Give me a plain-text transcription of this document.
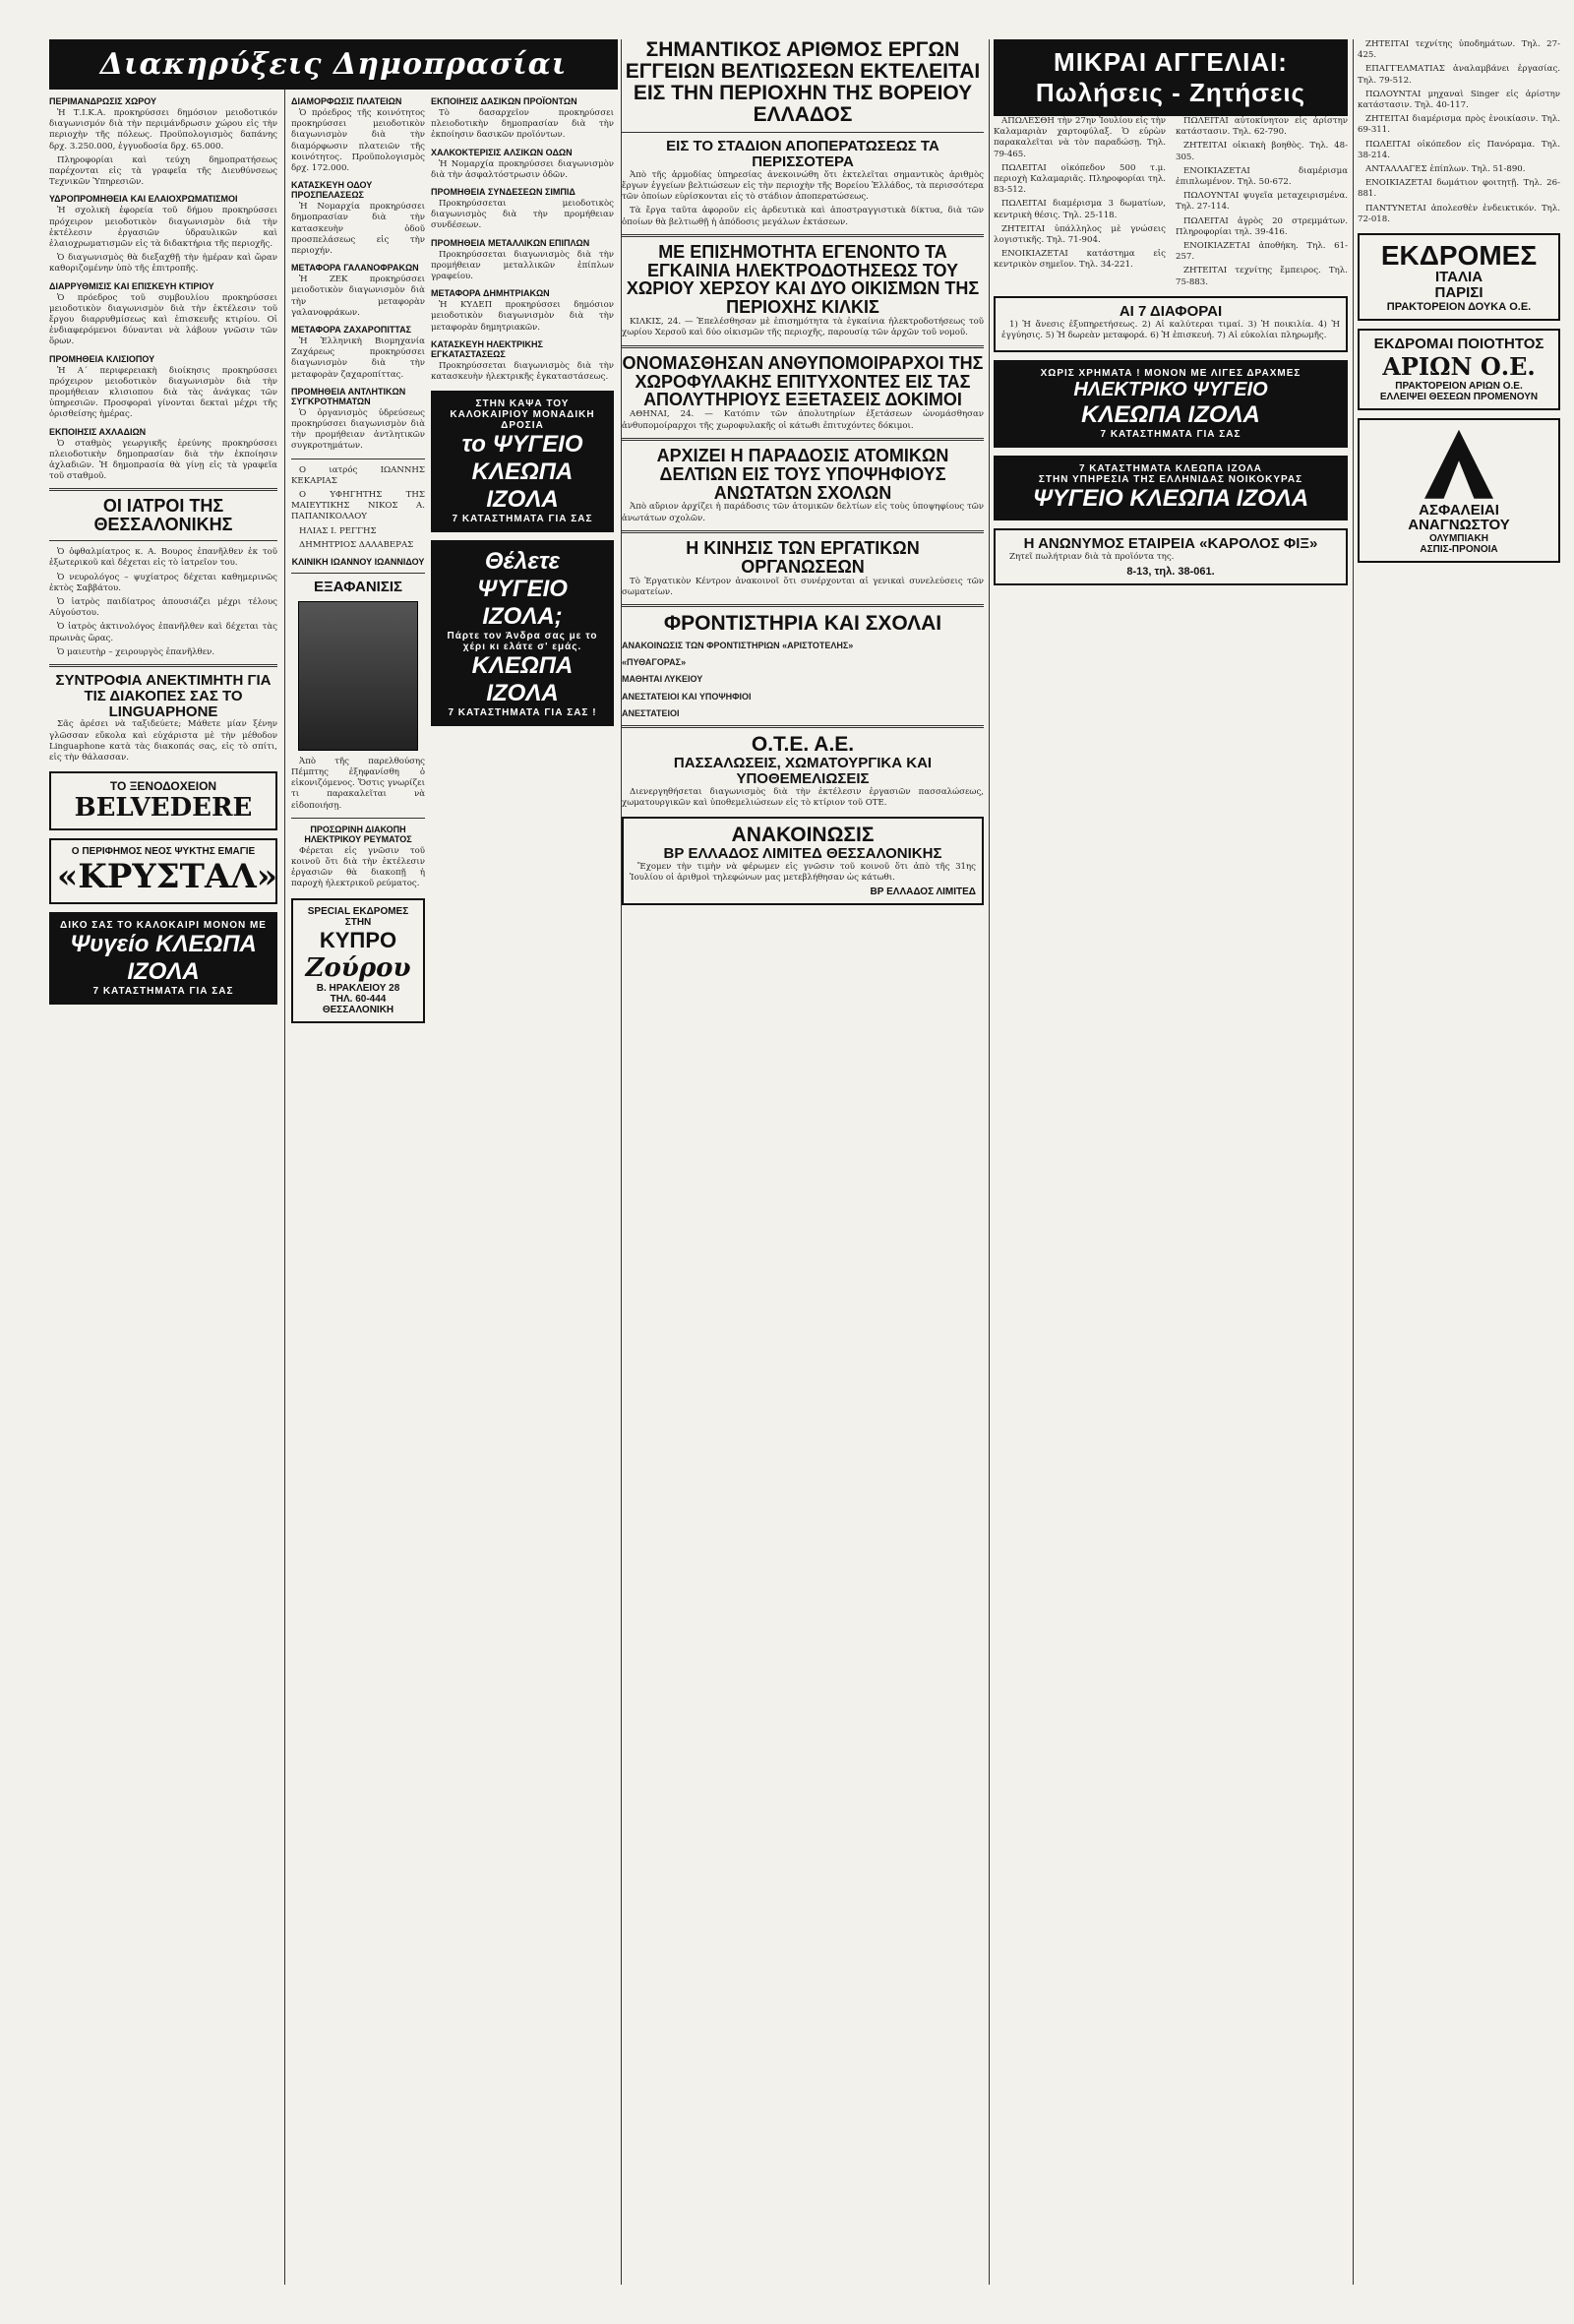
Διακηρύξεις Δημοπρασίαι
ΠΕΡΙΜΑΝΔΡΩΣΙΣ ΧΩΡΟΥ

Ἡ Τ.Ι.Κ.Α. προκηρύσσει δημόσιον μειοδοτικόν διαγωνισμόν διὰ τὴν περιμάνδρωσιν χώρου εἰς τὴν περιοχὴν τῆς πόλεως. Προϋπολογισμὸς δαπάνης δρχ. 3.250.000, ἐγγυοδοσία δρχ. 65.000.

Πληροφορίαι καὶ τεύχη δημοπρατήσεως παρέχονται εἰς τὰ γραφεῖα τῆς Διευθύνσεως Τεχνικῶν Ὑπηρεσιῶν.

ΥΔΡΟΠΡΟΜΗΘΕΙΑ ΚΑΙ ΕΛΑΙΟΧΡΩΜΑΤΙΣΜΟΙ

Ἡ σχολικὴ ἐφορεία τοῦ δήμου προκηρύσσει πρόχειρον μειοδοτικὸν διαγωνισμὸν διὰ τὴν ἐκτέλεσιν ἐργασιῶν ὑδραυλικῶν καὶ ἐλαιοχρωματισμῶν εἰς τὰ διδακτήρια τῆς περιοχῆς.

Ὁ διαγωνισμὸς θὰ διεξαχθῇ τὴν ἡμέραν καὶ ὥραν καθοριζομένην ὑπὸ τῆς ἐπιτροπῆς.

ΔΙΑΡΡΥΘΜΙΣΙΣ ΚΑΙ ΕΠΙΣΚΕΥΗ ΚΤΙΡΙΟΥ

Ὁ πρόεδρος τοῦ συμβουλίου προκηρύσσει μειοδοτικὸν διαγωνισμὸν διὰ τὴν ἐκτέλεσιν τοῦ ἔργου διαρρυθμίσεως καὶ ἐπισκευῆς κτιρίου. Οἱ ἐνδιαφερόμενοι δύνανται νὰ λάβουν γνῶσιν τῶν ὅρων.

ΠΡΟΜΗΘΕΙΑ ΚΛΙΣΙΟΠΟΥ

Ἡ Α΄ περιφερειακὴ διοίκησις προκηρύσσει πρόχειρον μειοδοτικὸν διαγωνισμὸν διὰ τὴν προμήθειαν κλισιοπου διὰ τὰς ἀνάγκας τῶν ὑπηρεσιῶν. Προσφοραὶ γίνονται δεκταὶ μέχρι τῆς ὁρισθείσης ἡμέρας.

ΕΚΠΟΙΗΣΙΣ ΑΧΛΑΔΙΩΝ

Ὁ σταθμὸς γεωργικῆς ἐρεύνης προκηρύσσει πλειοδοτικὴν δημοπρασίαν διὰ τὴν ἐκποίησιν ἀχλαδιῶν. Ἡ δημοπρασία θὰ γίνῃ εἰς τὰ γραφεῖα τοῦ σταθμοῦ.

ΟΙ ΙΑΤΡΟΙ ΤΗΣ ΘΕΣΣΑΛΟΝΙΚΗΣ

Ὁ ὀφθαλμίατρος κ. Α. Βουρος ἐπανῆλθεν ἐκ τοῦ ἐξωτερικοῦ καὶ δέχεται εἰς τὸ ἰατρεῖον του.

Ὁ νευρολόγος – ψυχίατρος δέχεται καθημερινῶς ἐκτὸς Σαββάτου.

Ὁ ἰατρὸς παιδίατρος ἀπουσιάζει μέχρι τέλους Αὐγούστου.

Ὁ ἰατρὸς ἀκτινολόγος ἐπανῆλθεν καὶ δέχεται τὰς πρωινὰς ὥρας.

Ὁ μαιευτὴρ – χειρουργὸς ἐπανῆλθεν.

ΣΥΝΤΡΟΦΙΑ ΑΝΕΚΤΙΜΗΤΗ ΓΙΑ ΤΙΣ ΔΙΑΚΟΠΕΣ ΣΑΣ ΤΟ LINGUAPHONE

Σᾶς ἀρέσει νὰ ταξιδεύετε; Μάθετε μίαν ξένην γλῶσσαν εὔκολα καὶ εὐχάριστα μὲ τὴν μέθοδον Linguaphone κατὰ τὰς διακοπάς σας, εἰς τὸ σπίτι, εἰς τὴν θάλασσαν.

ΤΟ ΞΕΝΟΔΟΧΕΙΟΝ
BELVEDERE
Ο ΠΕΡΙΦΗΜΟΣ ΝΕΟΣ ΨΥΚΤΗΣ ΕΜΑΓΙΕ
«ΚΡΥΣΤΑΛ»
ΔΙΚΟ ΣΑΣ ΤΟ ΚΑΛΟΚΑΙΡΙ ΜΟΝΟΝ ΜΕ
Ψυγείο ΚΛΕΩΠΑ ΙΖΟΛΑ
7 ΚΑΤΑΣΤΗΜΑΤΑ ΓΙΑ ΣΑΣ
ΔΙΑΜΟΡΦΩΣΙΣ ΠΛΑΤΕΙΩΝ

Ὁ πρόεδρος τῆς κοινότητος προκηρύσσει μειοδοτικὸν διαγωνισμὸν διὰ τὴν διαμόρφωσιν πλατειῶν τῆς κοινότητος. Προϋπολογισμὸς δρχ. 172.000.

ΚΑΤΑΣΚΕΥΗ ΟΔΟΥ ΠΡΟΣΠΕΛΑΣΕΩΣ

Ἡ Νομαρχία προκηρύσσει δημοπρασίαν διὰ τὴν κατασκευὴν ὁδοῦ προσπελάσεως εἰς τὴν περιοχήν.

ΜΕΤΑΦΟΡΑ ΓΑΛΑΝΟΦΡΑΚΩΝ

Ἡ ΖΕΚ προκηρύσσει μειοδοτικὸν διαγωνισμὸν διὰ τὴν μεταφορὰν γαλανοφράκων.

ΜΕΤΑΦΟΡΑ ΖΑΧΑΡΟΠΙΤΤΑΣ

Ἡ Ἑλληνικὴ Βιομηχανία Ζαχάρεως προκηρύσσει διαγωνισμὸν διὰ τὴν μεταφορὰν ζαχαροπίττας.

ΠΡΟΜΗΘΕΙΑ ΑΝΤΛΗΤΙΚΩΝ ΣΥΓΚΡΟΤΗΜΑΤΩΝ

Ὁ ὀργανισμὸς ὑδρεύσεως προκηρύσσει διαγωνισμὸν διὰ τὴν προμήθειαν ἀντλητικῶν συγκροτημάτων.

Ο ιατρός ΙΩΑΝΝΗΣ ΚΕΚΑΡΙΑΣ

Ο ΥΦΗΓΗΤΗΣ ΤΗΣ ΜΑΙΕΥΤΙΚΗΣ ΝΙΚΟΣ Α. ΠΑΠΑΝΙΚΟΛΑΟΥ

ΗΛΙΑΣ Ι. ΡΕΓΓΗΣ

ΔΗΜΗΤΡΙΟΣ ΔΑΛΑΒΕΡΑΣ

ΚΛΙΝΙΚΗ ΙΩΑΝΝΟΥ ΙΩΑΝΝΙΔΟΥ
ΕΞΑΦΑΝΙΣΙΣ

Ἀπὸ τῆς παρελθούσης Πέμπτης ἐξηφανίσθη ὁ εἰκονιζόμενος. Ὅστις γνωρίζει τι παρακαλεῖται νὰ εἰδοποιήσῃ.

ΠΡΟΣΩΡΙΝΗ ΔΙΑΚΟΠΗ ΗΛΕΚΤΡΙΚΟΥ ΡΕΥΜΑΤΟΣ

Φέρεται εἰς γνῶσιν τοῦ κοινοῦ ὅτι διὰ τὴν ἐκτέλεσιν ἐργασιῶν θὰ διακοπῇ ἡ παροχὴ ἠλεκτρικοῦ ρεύματος.

SPECIAL ΕΚΔΡΟΜΕΣ ΣΤΗΝ
ΚΥΠΡΟ
Ζούρου
Β. ΗΡΑΚΛΕΙΟΥ 28
ΤΗΛ. 60-444
ΘΕΣΣΑΛΟΝΙΚΗ
ΕΚΠΟΙΗΣΙΣ ΔΑΣΙΚΩΝ ΠΡΟΪΟΝΤΩΝ

Τὸ δασαρχεῖον προκηρύσσει πλειοδοτικὴν δημοπρασίαν διὰ τὴν ἐκποίησιν δασικῶν προϊόντων.

ΧΑΛΚΟΚΤΕΡΙΣΙΣ ΑΛΣΙΚΩΝ ΟΔΩΝ

Ἡ Νομαρχία προκηρύσσει διαγωνισμὸν διὰ τὴν ἀσφαλτόστρωσιν ὁδῶν.

ΠΡΟΜΗΘΕΙΑ ΣΥΝΔΕΣΕΩΝ ΣΙΜΠΙΔ

Προκηρύσσεται μειοδοτικὸς διαγωνισμὸς διὰ τὴν προμήθειαν συνδέσεων.

ΠΡΟΜΗΘΕΙΑ ΜΕΤΑΛΛΙΚΩΝ ΕΠΙΠΛΩΝ

Προκηρύσσεται διαγωνισμὸς διὰ τὴν προμήθειαν μεταλλικῶν ἐπίπλων γραφείου.

ΜΕΤΑΦΟΡΑ ΔΗΜΗΤΡΙΑΚΩΝ

Ἡ ΚΥΔΕΠ προκηρύσσει δημόσιον μειοδοτικὸν διαγωνισμὸν διὰ τὴν μεταφορὰν δημητριακῶν.

ΚΑΤΑΣΚΕΥΗ ΗΛΕΚΤΡΙΚΗΣ ΕΓΚΑΤΑΣΤΑΣΕΩΣ

Προκηρύσσεται διαγωνισμὸς διὰ τὴν κατασκευὴν ἠλεκτρικῆς ἐγκαταστάσεως.

ΣΤΗΝ ΚΑΨΑ ΤΟΥ ΚΑΛΟΚΑΙΡΙΟΥ ΜΟΝΑΔΙΚΗ ΔΡΟΣΙΑ
το ΨΥΓΕΙΟ ΚΛΕΩΠΑ ΙΖΟΛΑ
7 ΚΑΤΑΣΤΗΜΑΤΑ ΓΙΑ ΣΑΣ
Θέλετε ΨΥΓΕΙΟ ΙΖΟΛΑ;
Πάρτε τον Άνδρα σας με το χέρι κι ελάτε σ' εμάς.
ΚΛΕΩΠΑ ΙΖΟΛΑ
7 ΚΑΤΑΣΤΗΜΑΤΑ ΓΙΑ ΣΑΣ !
ΣΗΜΑΝΤΙΚΟΣ ΑΡΙΘΜΟΣ ΕΡΓΩΝ ΕΓΓΕΙΩΝ ΒΕΛΤΙΩΣΕΩΝ ΕΚΤΕΛΕΙΤΑΙ ΕΙΣ ΤΗΝ ΠΕΡΙΟΧΗΝ ΤΗΣ ΒΟΡΕΙΟΥ ΕΛΛΑΔΟΣ
ΕΙΣ ΤΟ ΣΤΑΔΙΟΝ ΑΠΟΠΕΡΑΤΩΣΕΩΣ ΤΑ ΠΕΡΙΣΣΟΤΕΡΑ

Ἀπὸ τῆς ἁρμοδίας ὑπηρεσίας ἀνεκοινώθη ὅτι ἐκτελεῖται σημαντικὸς ἀριθμὸς ἔργων ἐγγείων βελτιώσεων εἰς τὴν περιοχὴν τῆς Βορείου Ἑλλάδος, τὰ περισσότερα τῶν ὁποίων εὑρίσκονται εἰς τὸ στάδιον ἀποπερατώσεως.

Τὰ ἔργα ταῦτα ἀφοροῦν εἰς ἀρδευτικὰ καὶ ἀποστραγγιστικὰ δίκτυα, διὰ τῶν ὁποίων θὰ βελτιωθῇ ἡ ἀπόδοσις μεγάλων ἐκτάσεων.

ΜΕ ΕΠΙΣΗΜΟΤΗΤΑ ΕΓΕΝΟΝΤΟ ΤΑ ΕΓΚΑΙΝΙΑ ΗΛΕΚΤΡΟΔΟΤΗΣΕΩΣ ΤΟΥ ΧΩΡΙΟΥ ΧΕΡΣΟΥ ΚΑΙ ΔΥΟ ΟΙΚΙΣΜΩΝ ΤΗΣ ΠΕΡΙΟΧΗΣ ΚΙΛΚΙΣ

ΚΙΛΚΙΣ, 24. — Ἐπελέσθησαν μὲ ἐπισημότητα τὰ ἐγκαίνια ἠλεκτροδοτήσεως τοῦ χωρίου Χερσοῦ καὶ δύο οἰκισμῶν τῆς περιοχῆς, παρουσίᾳ τῶν ἀρχῶν τοῦ νομοῦ.

ΟΝΟΜΑΣΘΗΣΑΝ ΑΝΘΥΠΟΜΟΙΡΑΡΧΟΙ ΤΗΣ ΧΩΡΟΦΥΛΑΚΗΣ ΕΠΙΤΥΧΟΝΤΕΣ ΕΙΣ ΤΑΣ ΑΠΟΛΥΤΗΡΙΟΥΣ ΕΞΕΤΑΣΕΙΣ ΔΟΚΙΜΟΙ

ΑΘΗΝΑΙ, 24. — Κατόπιν τῶν ἀπολυτηρίων ἐξετάσεων ὠνομάσθησαν ἀνθυπομοίραρχοι τῆς χωροφυλακῆς οἱ κάτωθι ἐπιτυχόντες δόκιμοι.

ΑΡΧΙΖΕΙ Η ΠΑΡΑΔΟΣΙΣ ΑΤΟΜΙΚΩΝ ΔΕΛΤΙΩΝ ΕΙΣ ΤΟΥΣ ΥΠΟΨΗΦΙΟΥΣ ΑΝΩΤΑΤΩΝ ΣΧΟΛΩΝ

Ἀπὸ αὔριον ἀρχίζει ἡ παράδοσις τῶν ἀτομικῶν δελτίων εἰς τοὺς ὑποψηφίους τῶν ἀνωτάτων σχολῶν.

Η ΚΙΝΗΣΙΣ ΤΩΝ ΕΡΓΑΤΙΚΩΝ ΟΡΓΑΝΩΣΕΩΝ

Τὸ Ἐργατικὸν Κέντρον ἀνακοινοῖ ὅτι συνέρχονται αἱ γενικαὶ συνελεύσεις τῶν σωματείων.

ΦΡΟΝΤΙΣΤΗΡΙΑ ΚΑΙ ΣΧΟΛΑΙ
ΑΝΑΚΟΙΝΩΣΙΣ ΤΩΝ ΦΡΟΝΤΙΣΤΗΡΙΩΝ «ΑΡΙΣΤΟΤΕΛΗΣ»
«ΠΥΘΑΓΟΡΑΣ»
ΜΑΘΗΤΑΙ ΛΥΚΕΙΟΥ
ΑΝΕΣΤΑΤΕΙΟΙ ΚΑΙ ΥΠΟΨΗΦΙΟΙ
ΑΝΕΣΤΑΤΕΙΟΙ
Ο.Τ.Ε. Α.Ε.
ΠΑΣΣΑΛΩΣΕΙΣ, ΧΩΜΑΤΟΥΡΓΙΚΑ ΚΑΙ ΥΠΟΘΕΜΕΛΙΩΣΕΙΣ

Διενεργηθήσεται διαγωνισμὸς διὰ τὴν ἐκτέλεσιν ἐργασιῶν πασσαλώσεως, χωματουργικῶν καὶ ὑποθεμελιώσεων εἰς τὸ κτίριον τοῦ ΟΤΕ.

ΑΝΑΚΟΙΝΩΣΙΣ
ΒΡ ΕΛΛΑΔΟΣ ΛΙΜΙΤΕΔ ΘΕΣΣΑΛΟΝΙΚΗΣ

Ἔχομεν τὴν τιμὴν νὰ φέρωμεν εἰς γνῶσιν τοῦ κοινοῦ ὅτι ἀπὸ τῆς 31ης Ἰουλίου οἱ ἀριθμοὶ τηλεφώνων μας μετεβλήθησαν ὡς κάτωθι.

ΒΡ ΕΛΛΑΔΟΣ ΛΙΜΙΤΕΔ
ΜΙΚΡΑΙ ΑΓΓΕΛΙΑΙ: Πωλήσεις - Ζητήσεις

ΑΠΩΛΕΣΘΗ τὴν 27ην Ἰουλίου εἰς τὴν Καλαμαριὰν χαρτοφύλαξ. Ὁ εὑρὼν παρακαλεῖται νὰ τὸν παραδώσῃ. Τηλ. 79-465.

ΠΩΛΕΙΤΑΙ οἰκόπεδον 500 τ.μ. περιοχὴ Καλαμαριᾶς. Πληροφορίαι τηλ. 83-512.

ΠΩΛΕΙΤΑΙ διαμέρισμα 3 δωματίων, κεντρικὴ θέσις. Τηλ. 25-118.

ΖΗΤΕΙΤΑΙ ὑπάλληλος μὲ γνώσεις λογιστικῆς. Τηλ. 71-904.

ΕΝΟΙΚΙΑΖΕΤΑΙ κατάστημα εἰς κεντρικὸν σημεῖον. Τηλ. 34-221.

ΠΩΛΕΙΤΑΙ αὐτοκίνητον εἰς ἀρίστην κατάστασιν. Τηλ. 62-790.

ΖΗΤΕΙΤΑΙ οἰκιακὴ βοηθὸς. Τηλ. 48-305.

ΕΝΟΙΚΙΑΖΕΤΑΙ διαμέρισμα ἐπιπλωμένον. Τηλ. 50-672.

ΠΩΛΟΥΝΤΑΙ ψυγεῖα μεταχειρισμένα. Τηλ. 27-114.

ΠΩΛΕΙΤΑΙ ἀγρὸς 20 στρεμμάτων. Πληροφορίαι τηλ. 39-416.

ΕΝΟΙΚΙΑΖΕΤΑΙ ἀποθήκη. Τηλ. 61-257.

ΖΗΤΕΙΤΑΙ τεχνίτης ἔμπειρος. Τηλ. 75-883.

ΑΙ 7 ΔΙΑΦΟΡΑΙ

1) Ἡ ἄνεσις ἐξυπηρετήσεως. 2) Αἱ καλύτεραι τιμαί. 3) Ἡ ποικιλία. 4) Ἡ ἐγγύησις. 5) Ἡ δωρεὰν μεταφορά. 6) Ἡ ἐπισκευή. 7) Αἱ εὐκολίαι πληρωμῆς.

ΧΩΡΙΣ ΧΡΗΜΑΤΑ ! ΜΟΝΟΝ ΜΕ ΛΙΓΕΣ ΔΡΑΧΜΕΣ
ΗΛΕΚΤΡΙΚΟ ΨΥΓΕΙΟ
ΚΛΕΩΠΑ ΙΖΟΛΑ
7 ΚΑΤΑΣΤΗΜΑΤΑ ΓΙΑ ΣΑΣ
7 ΚΑΤΑΣΤΗΜΑΤΑ ΚΛΕΩΠΑ ΙΖΟΛΑ
ΣΤΗΝ ΥΠΗΡΕΣΙΑ ΤΗΣ ΕΛΛΗΝΙΔΑΣ ΝΟΙΚΟΚΥΡΑΣ
ΨΥΓΕΙΟ ΚΛΕΩΠΑ ΙΖΟΛΑ
Η ΑΝΩΝΥΜΟΣ ΕΤΑΙΡΕΙΑ «ΚΑΡΟΛΟΣ ΦΙΞ»

Ζητεῖ πωλήτριαν διὰ τὰ προϊόντα της.

8-13, τηλ. 38-061.

ΖΗΤΕΙΤΑΙ τεχνίτης ὑποδημάτων. Τηλ. 27-425.

ΕΠΑΓΓΕΛΜΑΤΙΑΣ ἀναλαμβάνει ἐργασίας. Τηλ. 79-512.

ΠΩΛΟΥΝΤΑΙ μηχαναὶ Singer εἰς ἀρίστην κατάστασιν. Τηλ. 40-117.

ΖΗΤΕΙΤΑΙ διαμέρισμα πρὸς ἐνοικίασιν. Τηλ. 69-311.

ΠΩΛΕΙΤΑΙ οἰκόπεδον εἰς Πανόραμα. Τηλ. 38-214.

ΑΝΤΑΛΛΑΓΕΣ ἐπίπλων. Τηλ. 51-890.

ΕΝΟΙΚΙΑΖΕΤΑΙ δωμάτιον φοιτητῇ. Τηλ. 26-881.

ΠΑΝΤΥΝΕΤΑΙ ἀπολεσθὲν ἐνδεικτικόν. Τηλ. 72-018.

ΕΚΔΡΟΜΕΣ
ΙΤΑΛΙΑ
ΠΑΡΙΣΙ
ΠΡΑΚΤΟΡΕΙΟΝ ΔΟΥΚΑ Ο.Ε.
ΕΚΔΡΟΜΑΙ ΠΟΙΟΤΗΤΟΣ
ΑΡΙΩΝ Ο.Ε.
ΠΡΑΚΤΟΡΕΙΟΝ ΑΡΙΩΝ Ο.Ε.
ΕΛΛΕΙΨΕΙ ΘΕΣΕΩΝ ΠΡΟΜΕΝΟΥΝ
ΑΣΦΑΛΕΙΑΙ
ΑΝΑΓΝΩΣΤΟΥ
ΟΛΥΜΠΙΑΚΗ
ΑΣΠΙΣ-ΠΡΟΝΟΙΑ
